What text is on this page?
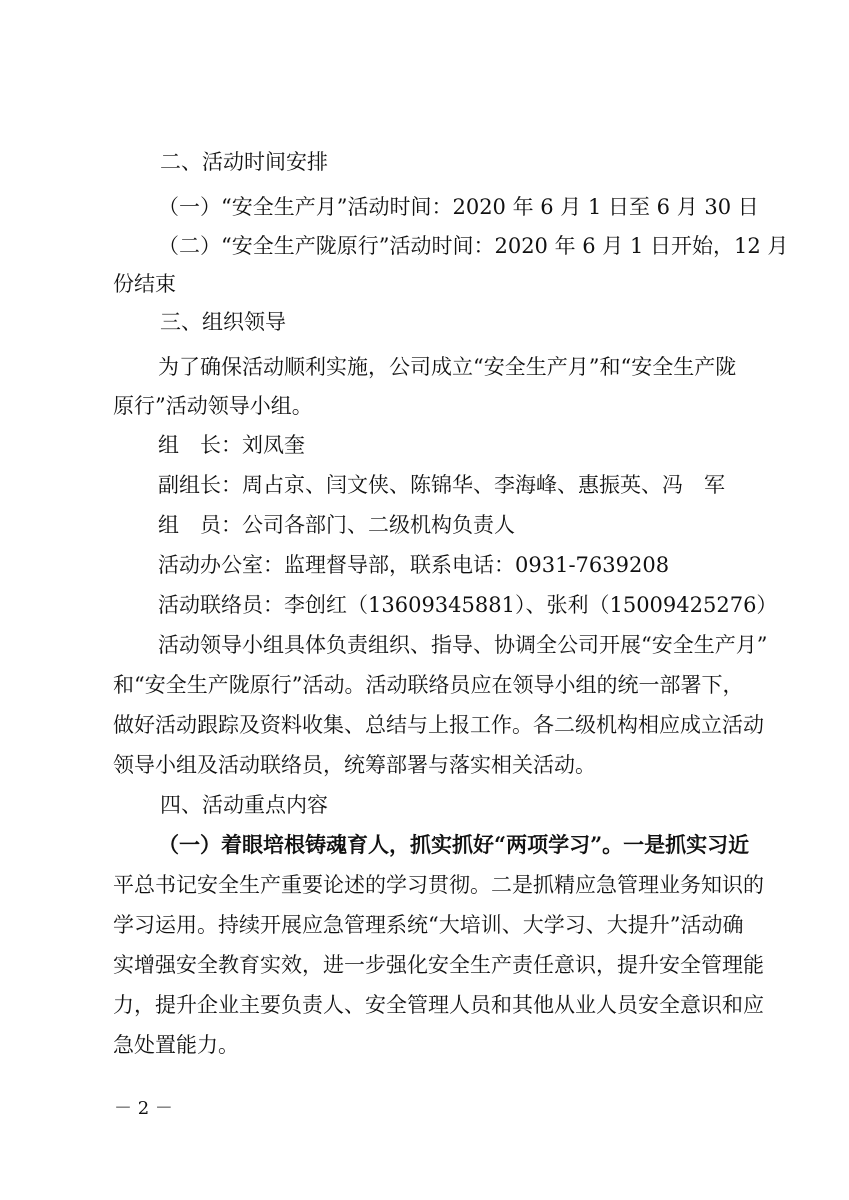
二、活动时间安排
（一）“安全生产月”活动时间：2020 年 6 月 1 日至 6 月 30 日
（二）“安全生产陇原行”活动时间：2020 年 6 月 1 日开始，12 月
份结束
三、组织领导
为了确保活动顺利实施，公司成立“安全生产月”和“安全生产陇
原行”活动领导小组。
组　长：刘凤奎
副组长：周占京、闫文侠、陈锦华、李海峰、惠振英、冯　军
组　员：公司各部门、二级机构负责人
活动办公室：监理督导部，联系电话：0931-7639208
活动联络员：李创红（13609345881）、张利（15009425276）
活动领导小组具体负责组织、指导、协调全公司开展“安全生产月”
和“安全生产陇原行”活动。活动联络员应在领导小组的统一部署下，
做好活动跟踪及资料收集、总结与上报工作。各二级机构相应成立活动
领导小组及活动联络员，统筹部署与落实相关活动。
四、活动重点内容
（一）着眼培根铸魂育人，抓实抓好“两项学习”。一是抓实习近
平总书记安全生产重要论述的学习贯彻。二是抓精应急管理业务知识的
学习运用。持续开展应急管理系统“大培训、大学习、大提升”活动确
实增强安全教育实效，进一步强化安全生产责任意识，提升安全管理能
力，提升企业主要负责人、安全管理人员和其他从业人员安全意识和应
急处置能力。
－ 2 －
